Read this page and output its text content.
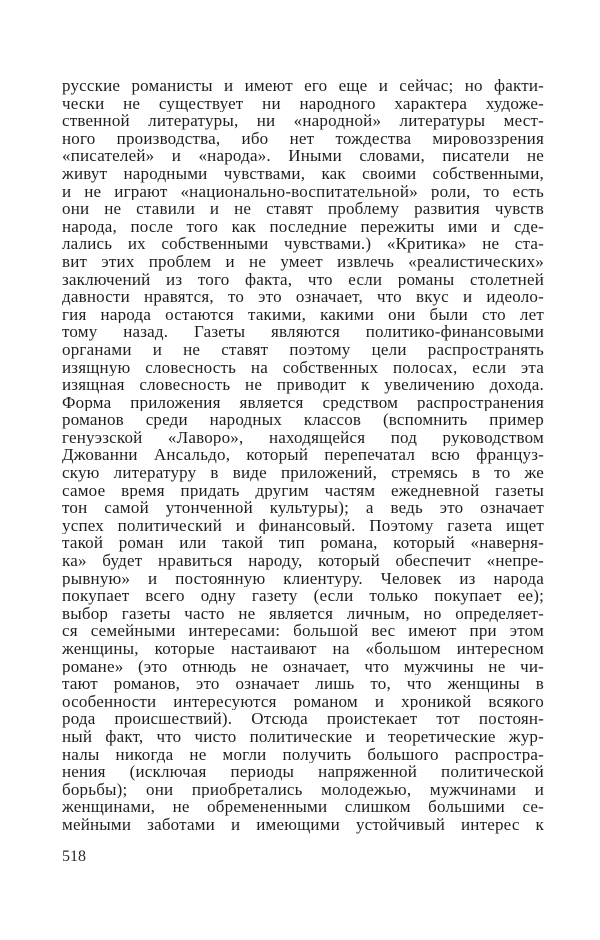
русские романисты и имеют его еще и сейчас; но факти-
чески не существует ни народного характера художе-
ственной литературы, ни «народной» литературы мест-
ного производства, ибо нет тождества мировоззрения
«писателей» и «народа». Иными словами, писатели не
живут народными чувствами, как своими собственными,
и не играют «национально-воспитательной» роли, то есть
они не ставили и не ставят проблему развития чувств
народа, после того как последние пережиты ими и сде-
лались их собственными чувствами.) «Критика» не ста-
вит этих проблем и не умеет извлечь «реалистических»
заключений из того факта, что если романы столетней
давности нравятся, то это означает, что вкус и идеоло-
гия народа остаются такими, какими они были сто лет
тому назад. Газеты являются политико-финансовыми
органами и не ставят поэтому цели распространять
изящную словесность на собственных полосах, если эта
изящная словесность не приводит к увеличению дохода.
Форма приложения является средством распространения
романов среди народных классов (вспомнить пример
генуэзской «Лаворо», находящейся под руководством
Джованни Ансальдо, который перепечатал всю француз-
скую литературу в виде приложений, стремясь в то же
самое время придать другим частям ежедневной газеты
тон самой утонченной культуры); а ведь это означает
успех политический и финансовый. Поэтому газета ищет
такой роман или такой тип романа, который «наверня-
ка» будет нравиться народу, который обеспечит «непре-
рывную» и постоянную клиентуру. Человек из народа
покупает всего одну газету (если только покупает ее);
выбор газеты часто не является личным, но определяет-
ся семейными интересами: большой вес имеют при этом
женщины, которые настаивают на «большом интересном
романе» (это отнюдь не означает, что мужчины не чи-
тают романов, это означает лишь то, что женщины в
особенности интересуются романом и хроникой всякого
рода происшествий). Отсюда проистекает тот постоян-
ный факт, что чисто политические и теоретические жур-
налы никогда не могли получить большого распростра-
нения (исключая периоды напряженной политической
борьбы); они приобретались молодежью, мужчинами и
женщинами, не обремененными слишком большими се-
мейными заботами и имеющими устойчивый интерес к
518
